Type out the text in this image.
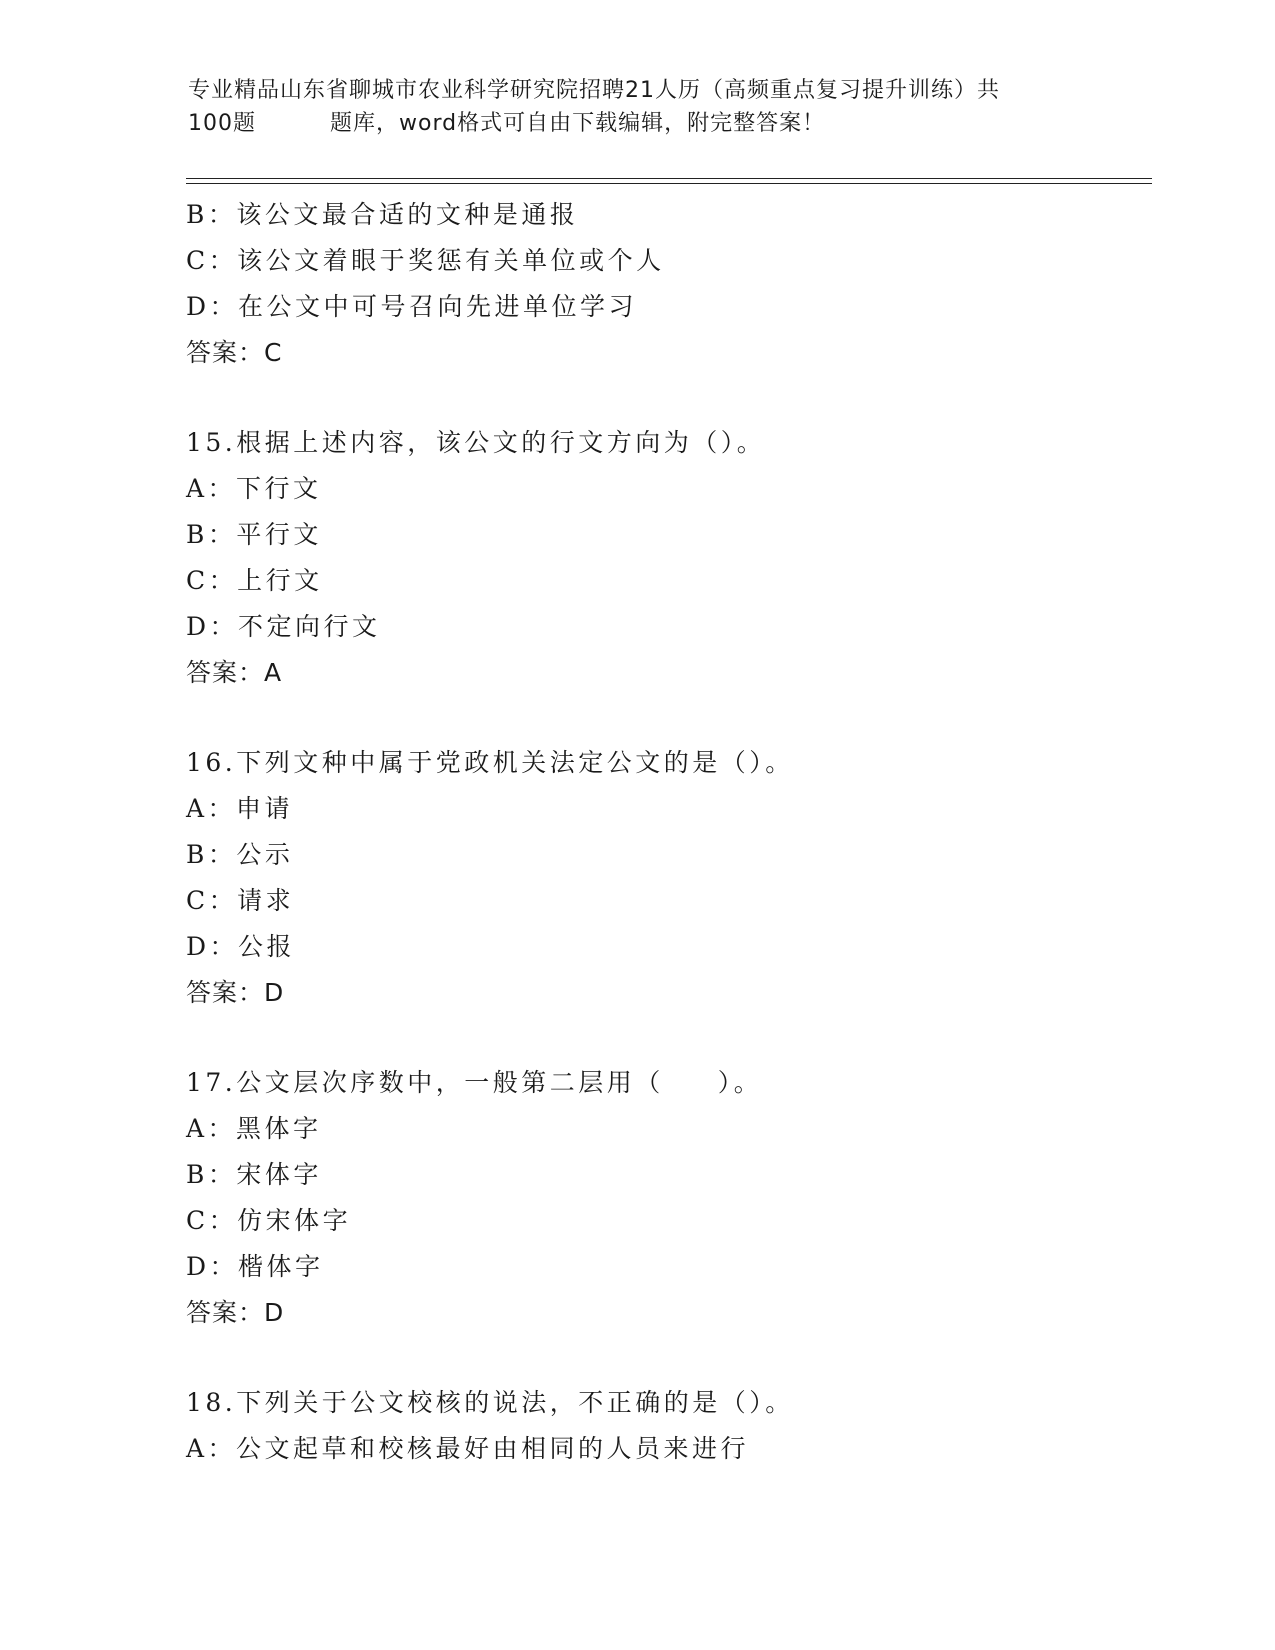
专业精品山东省聊城市农业科学研究院招聘21人历（高频重点复习提升训练）共
100题	题库，word格式可自由下载编辑，附完整答案！
B：该公文最合适的文种是通报
C：该公文着眼于奖惩有关单位或个人
D：在公文中可号召向先进单位学习
答案：C
15.根据上述内容，该公文的行文方向为（）。
A：下行文
B：平行文
C：上行文
D：不定向行文
答案：A
16.下列文种中属于党政机关法定公文的是（）。
A：申请
B：公示
C：请求
D：公报
答案：D
17.公文层次序数中，一般第二层用（ ）。
A：黑体字
B：宋体字
C：仿宋体字
D：楷体字
答案：D
18.下列关于公文校核的说法，不正确的是（）。
A：公文起草和校核最好由相同的人员来进行
